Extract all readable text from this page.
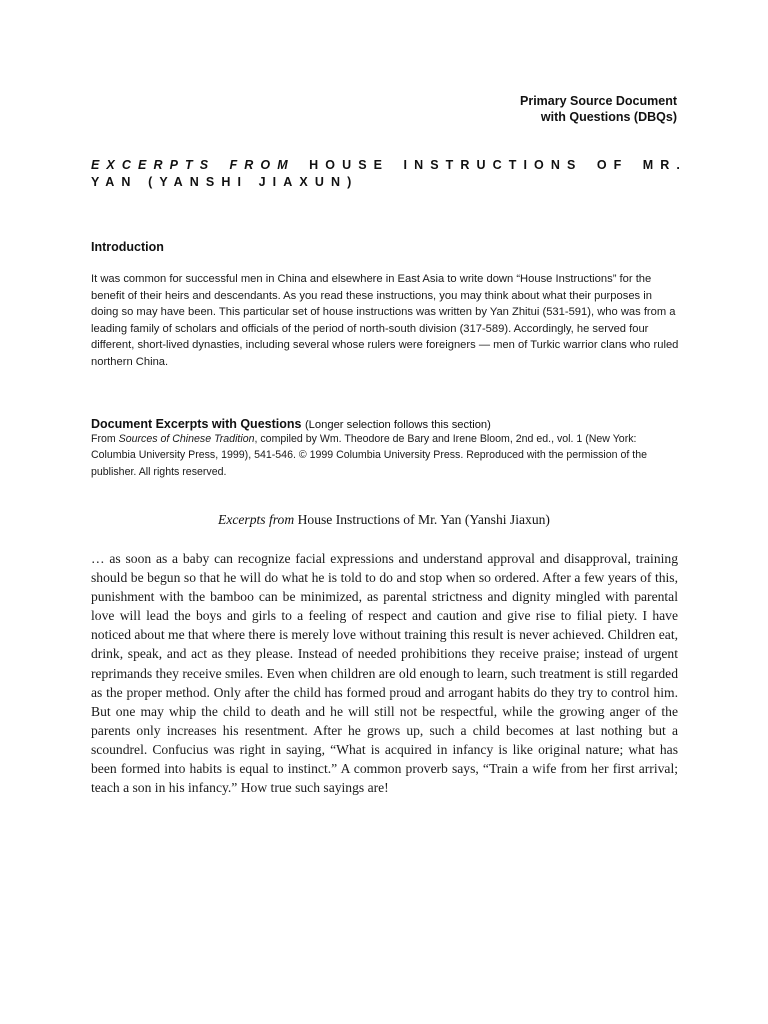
Primary Source Document
with Questions (DBQs)
EXCERPTS FROM HOUSE INSTRUCTIONS OF MR. YAN (YANSHI JIAXUN)
Introduction
It was common for successful men in China and elsewhere in East Asia to write down “House Instructions” for the benefit of their heirs and descendants. As you read these instructions, you may think about what their purposes in doing so may have been. This particular set of house instructions was written by Yan Zhitui (531-591), who was from a leading family of scholars and officials of the period of north-south division (317-589). Accordingly, he served four different, short-lived dynasties, including several whose rulers were foreigners — men of Turkic warrior clans who ruled northern China.
Document Excerpts with Questions (Longer selection follows this section)
From Sources of Chinese Tradition, compiled by Wm. Theodore de Bary and Irene Bloom, 2nd ed., vol. 1 (New York: Columbia University Press, 1999), 541-546. © 1999 Columbia University Press. Reproduced with the permission of the publisher. All rights reserved.
Excerpts from House Instructions of Mr. Yan (Yanshi Jiaxun)
… as soon as a baby can recognize facial expressions and understand approval and disapproval, training should be begun so that he will do what he is told to do and stop when so ordered. After a few years of this, punishment with the bamboo can be minimized, as parental strictness and dignity mingled with parental love will lead the boys and girls to a feeling of respect and caution and give rise to filial piety. I have noticed about me that where there is merely love without training this result is never achieved. Children eat, drink, speak, and act as they please. Instead of needed prohibitions they receive praise; instead of urgent reprimands they receive smiles. Even when children are old enough to learn, such treatment is still regarded as the proper method. Only after the child has formed proud and arrogant habits do they try to control him. But one may whip the child to death and he will still not be respectful, while the growing anger of the parents only increases his resentment. After he grows up, such a child becomes at last nothing but a scoundrel. Confucius was right in saying, “What is acquired in infancy is like original nature; what has been formed into habits is equal to instinct.” A common proverb says, “Train a wife from her first arrival; teach a son in his infancy.” How true such sayings are!
